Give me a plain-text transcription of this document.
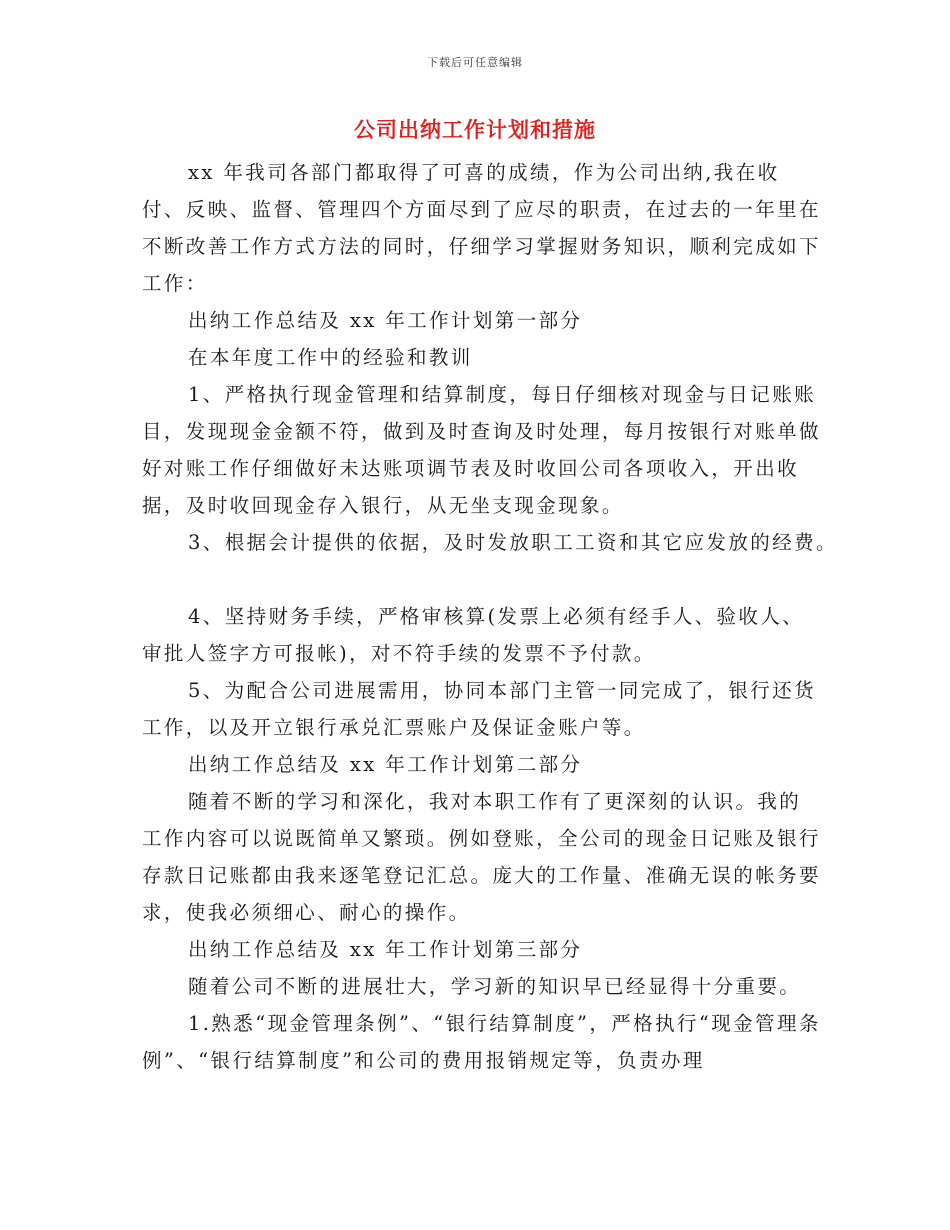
下载后可任意编辑
公司出纳工作计划和措施

xx 年我司各部门都取得了可喜的成绩，作为公司出纳,我在收付、反映、监督、管理四个方面尽到了应尽的职责，在过去的一年里在不断改善工作方式方法的同时，仔细学习掌握财务知识，顺利完成如下工作：

出纳工作总结及 xx 年工作计划第一部分

在本年度工作中的经验和教训

1、严格执行现金管理和结算制度，每日仔细核对现金与日记账账目，发现现金金额不符，做到及时查询及时处理，每月按银行对账单做好对账工作仔细做好未达账项调节表及时收回公司各项收入，开出收据，及时收回现金存入银行，从无坐支现金现象。

3、根据会计提供的依据，及时发放职工工资和其它应发放的经费。

4、坚持财务手续，严格审核算(发票上必须有经手人、验收人、审批人签字方可报帐)，对不符手续的发票不予付款。

5、为配合公司进展需用，协同本部门主管一同完成了，银行还货工作，以及开立银行承兑汇票账户及保证金账户等。

出纳工作总结及 xx 年工作计划第二部分

随着不断的学习和深化，我对本职工作有了更深刻的认识。我的工作内容可以说既简单又繁琐。例如登账，全公司的现金日记账及银行存款日记账都由我来逐笔登记汇总。庞大的工作量、准确无误的帐务要求，使我必须细心、耐心的操作。

出纳工作总结及 xx 年工作计划第三部分

随着公司不断的进展壮大，学习新的知识早已经显得十分重要。

1.熟悉“现金管理条例”、“银行结算制度”，严格执行“现金管理条例”、“银行结算制度”和公司的费用报销规定等，负责办理
